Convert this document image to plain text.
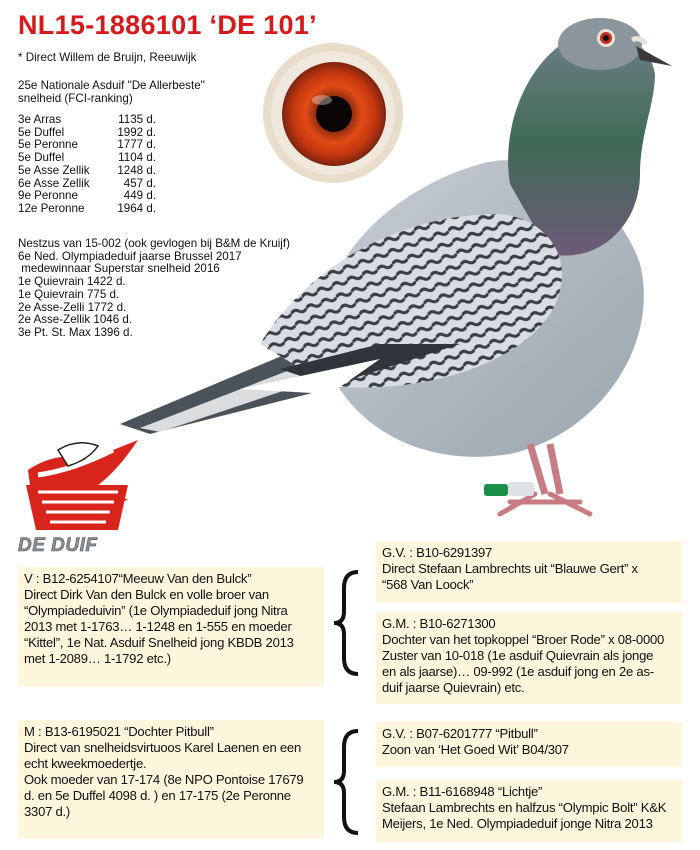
NL15-1886101 ‘DE 101’
* Direct Willem de Bruijn, Reeuwijk
25e Nationale Asduif "De Allerbeste"
snelheid (FCI-ranking)
3e Arras	1135 d.
5e Duffel	1992 d.
5e Peronne	1777 d.
5e Duffel	1104 d.
5e Asse Zellik	1248 d.
6e Asse Zellik	457 d.
9e Peronne	449 d.
12e Peronne	1964 d.
Nestzus van 15-002 (ook gevlogen bij B&M de Kruijf)
6e Ned. Olympiadeduif jaarse Brussel 2017
medewinnaar Superstar snelheid 2016
1e Quievrain 1422 d.
1e Quievrain 775 d.
2e Asse-Zelli 1772 d.
2e Asse-Zellik 1046 d.
3e Pt. St. Max 1396 d.
DE DUIF
V : B12-6254107“Meeuw Van den Bulck”
Direct Dirk Van den Bulck en volle broer van
“Olympiadeduivin” (1e Olympiadeduif jong Nitra
2013 met 1-1763… 1-1248 en 1-555 en moeder
“Kittel”, 1e Nat. Asduif Snelheid jong KBDB 2013
met 1-2089… 1-1792 etc.)
G.V. : B10-6291397
Direct Stefaan Lambrechts uit “Blauwe Gert” x
“568 Van Loock”
G.M. : B10-6271300
Dochter van het topkoppel “Broer Rode” x 08-0000
Zuster van 10-018 (1e asduif Quievrain als jonge
en als jaarse)… 09-992 (1e asduif jong en 2e as-
duif jaarse Quievrain) etc.
M : B13-6195021 “Dochter Pitbull”
Direct van snelheidsvirtuoos Karel Laenen en een
echt kweekmoedertje.
Ook moeder van 17-174 (8e NPO Pontoise 17679
d. en 5e Duffel 4098 d. ) en 17-175 (2e Peronne
3307 d.)
G.V. : B07-6201777 “Pitbull”
Zoon van ‘Het Goed Wit’ B04/307
G.M. : B11-6168948 “Lichtje”
Stefaan Lambrechts en halfzus “Olympic Bolt” K&K
Meijers, 1e Ned. Olympiadeduif jonge Nitra 2013
